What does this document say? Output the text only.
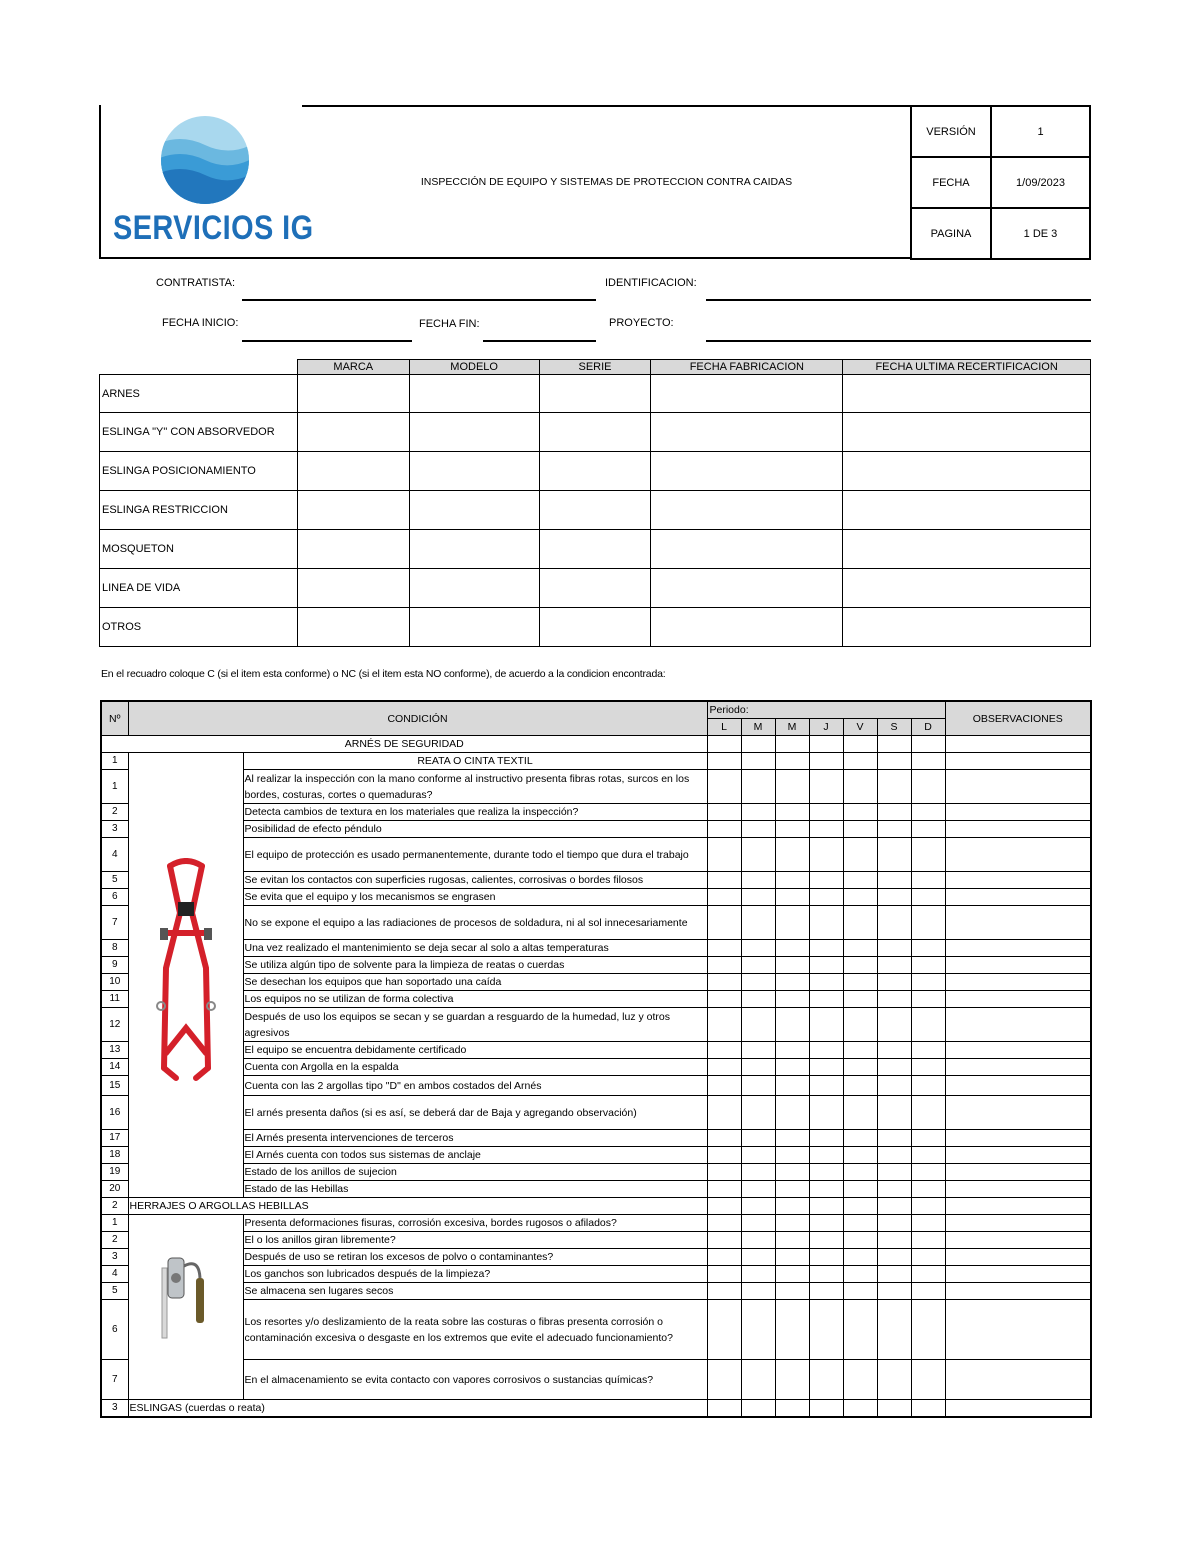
SERVICIOS IG
INSPECCIÓN DE EQUIPO Y SISTEMAS DE PROTECCION CONTRA CAIDAS
VERSIÓN	1
FECHA	1/09/2023
PAGINA	1 DE 3
CONTRATISTA:	IDENTIFICACION:
FECHA INICIO:	FECHA FIN:	PROYECTO:
	MARCA	MODELO	SERIE	FECHA FABRICACION	FECHA ULTIMA RECERTIFICACION
ARNES					
ESLINGA "Y" CON ABSORVEDOR					
ESLINGA POSICIONAMIENTO					
ESLINGA RESTRICCION					
MOSQUETON					
LINEA DE VIDA					
OTROS					
En el recuadro coloque C (si el item esta conforme) o NC (si el item esta NO conforme), de acuerdo a la condicion encontrada:
Nº	CONDICIÓN		Periodo:							OBSERVACIONES
			L	M	M	J	V	S	D	
ARNÉS DE SEGURIDAD										
1		REATA O CINTA TEXTIL								
1		Al realizar la inspección con la mano conforme al instructivo presenta fibras rotas, surcos en los bordes, costuras, cortes o quemaduras?								
2		Detecta cambios de textura en los materiales que realiza la inspección?								
3		Posibilidad de efecto péndulo								
4		El equipo de protección es usado permanentemente, durante todo el tiempo que dura el trabajo								
5		Se evitan los contactos con superficies rugosas, calientes, corrosivas o bordes filosos								
6		Se evita que el equipo y los mecanismos se engrasen								
7		No se expone el equipo a las radiaciones de procesos de soldadura, ni al sol innecesariamente								
8		Una vez realizado el mantenimiento se deja secar al solo a altas temperaturas								
9		Se utiliza algún tipo de solvente para la limpieza de reatas o cuerdas								
10		Se desechan los equipos que han soportado una caída								
11		Los equipos no se utilizan de forma colectiva								
12		Después de uso los equipos se secan y se guardan a resguardo de la humedad, luz y otros agresivos								
13		El equipo se encuentra debidamente certificado								
14		Cuenta con Argolla en la espalda								
15		Cuenta con las 2 argollas tipo "D" en ambos costados del Arnés								
16		El arnés presenta daños (si es así, se deberá dar de Baja y agregando observación)								
17		El Arnés presenta intervenciones de terceros								
18		El Arnés cuenta con todos sus sistemas de anclaje								
19		Estado de los anillos de sujecion								
20		Estado de las Hebillas								
2	HERRAJES O ARGOLLAS HEBILLAS									
1		Presenta deformaciones fisuras, corrosión excesiva, bordes rugosos o afilados?								
2		El o los anillos giran libremente?								
3		Después de uso se retiran los excesos de polvo o contaminantes?								
4		Los ganchos son lubricados después de la limpieza?								
5		Se almacena sen lugares secos								
6		Los resortes y/o deslizamiento de la reata sobre las costuras o fibras presenta corrosión o contaminación excesiva o desgaste en los extremos que evite el adecuado funcionamiento?								
7		En el almacenamiento se evita contacto con vapores corrosivos o sustancias químicas?								
3	ESLINGAS (cuerdas o reata)									
